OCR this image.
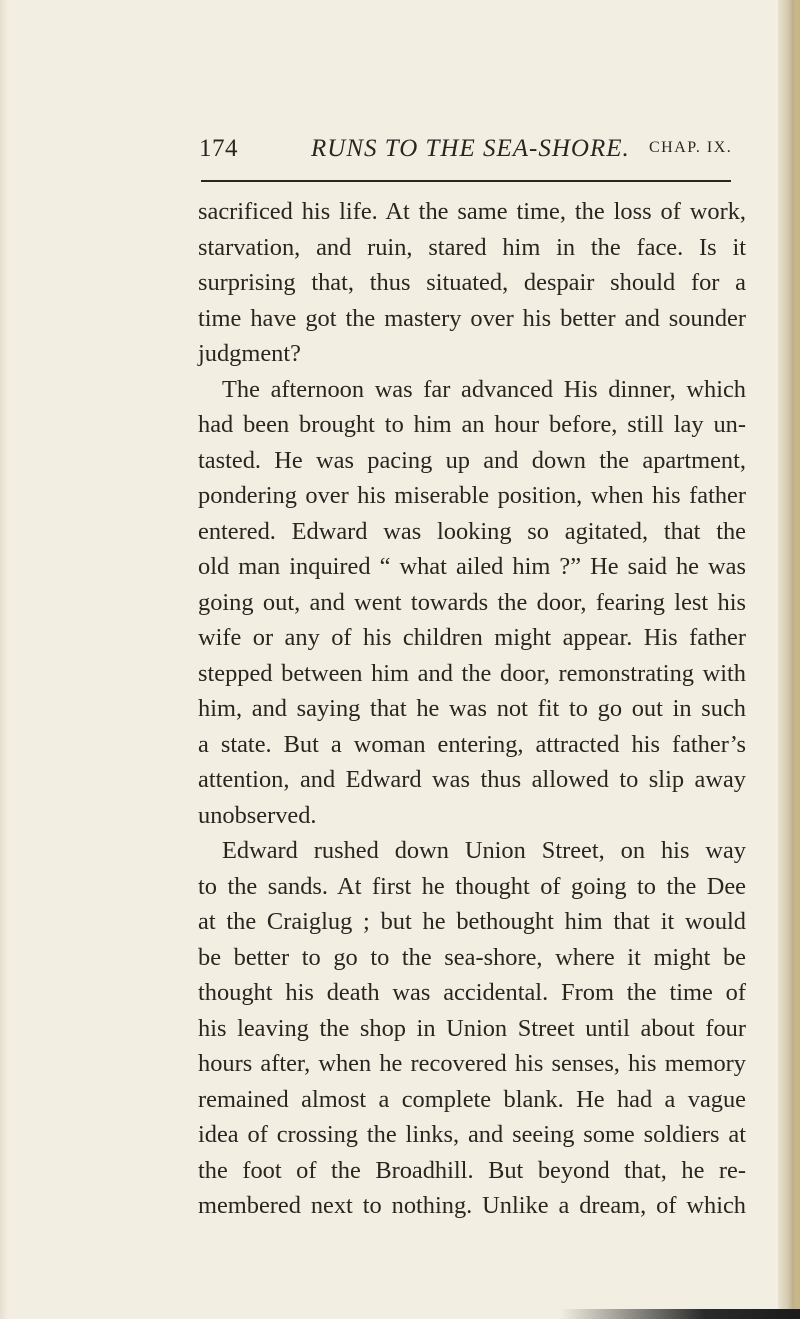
174	RUNS TO THE SEA-SHORE. CHAP. IX.
sacrificed his life. At the same time, the loss of work,
starvation, and ruin, stared him in the face. Is it
surprising that, thus situated, despair should for a
time have got the mastery over his better and sounder
judgment?
The afternoon was far advanced His dinner, which
had been brought to him an hour before, still lay un-
tasted. He was pacing up and down the apartment,
pondering over his miserable position, when his father
entered. Edward was looking so agitated, that the
old man inquired “ what ailed him ?” He said he was
going out, and went towards the door, fearing lest his
wife or any of his children might appear. His father
stepped between him and the door, remonstrating with
him, and saying that he was not fit to go out in such
a state. But a woman entering, attracted his father’s
attention, and Edward was thus allowed to slip away
unobserved.
Edward rushed down Union Street, on his way
to the sands. At first he thought of going to the Dee
at the Craiglug ; but he bethought him that it would
be better to go to the sea-shore, where it might be
thought his death was accidental. From the time of
his leaving the shop in Union Street until about four
hours after, when he recovered his senses, his memory
remained almost a complete blank. He had a vague
idea of crossing the links, and seeing some soldiers at
the foot of the Broadhill. But beyond that, he re-
membered next to nothing. Unlike a dream, of which
